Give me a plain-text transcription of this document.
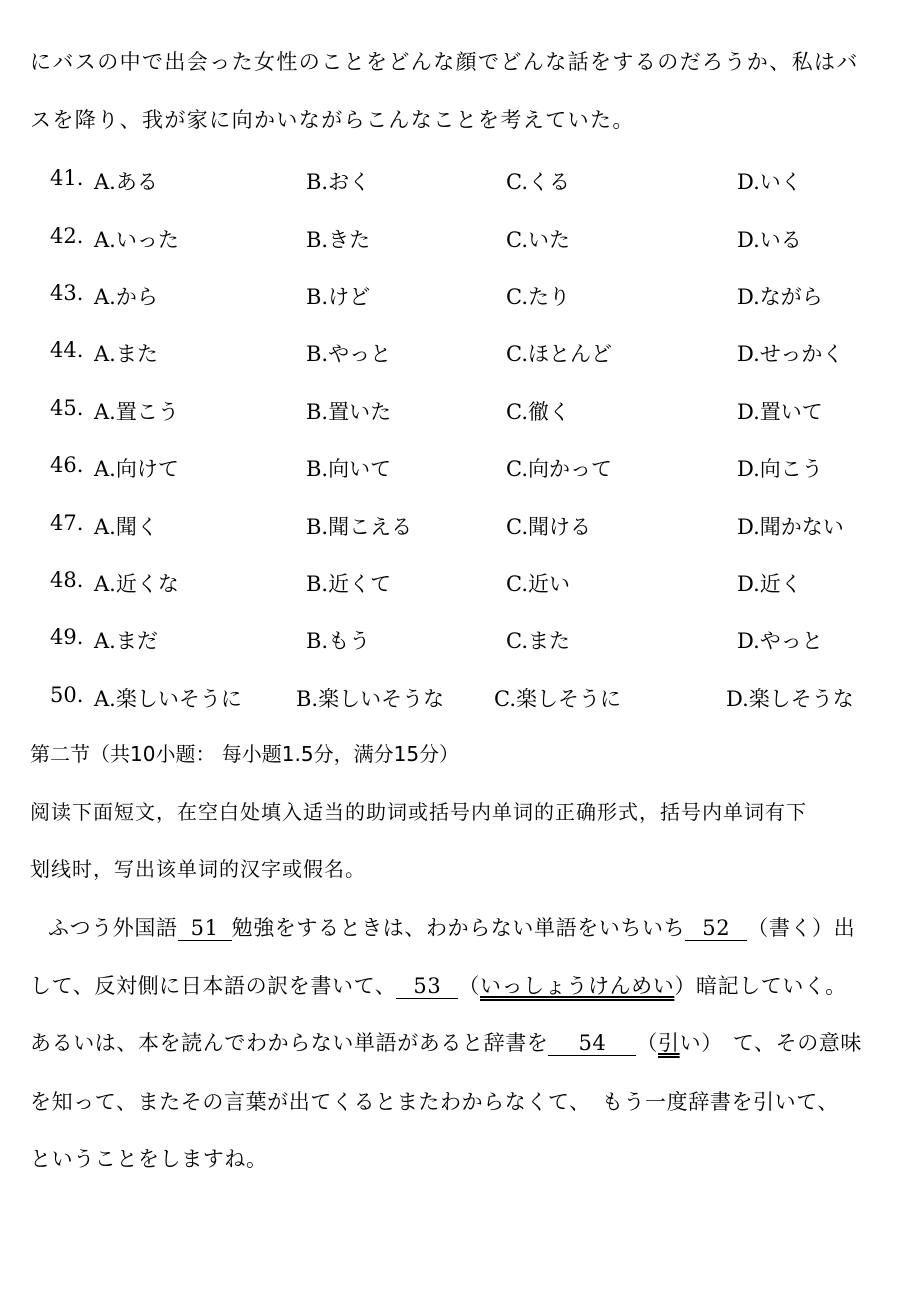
にバスの中で出会った女性のことをどんな顔でどんな話をするのだろうか、私はバ
スを降り、我が家に向かいながらこんなことを考えていた。
41. A.ある	B.おく	C.くる	D.いく
42. A.いった	B.きた	C.いた	D.いる
43. A.から	B.けど	C.たり	D.ながら
44. A.また	B.やっと	C.ほとんど	D.せっかく
45. A.置こう	B.置いた	C.徹く	D.置いて
46. A.向けて	B.向いて	C.向かって	D.向こう
47. A.聞く	B.聞こえる	C.聞ける	D.聞かない
48. A.近くな	B.近くて	C.近い	D.近く
49. A.まだ	B.もう	C.また	D.やっと
50. A.楽しいそうに	B.楽しいそうな C.楽しそうに	D.楽しそうな
第二节（共10小题： 每小题1.5分，满分15分）
阅读下面短文，在空白处填入适当的助词或括号内单词的正确形式，括号内单词有下
划线时，写出该单词的汉字或假名。
ふつう外国語 51 勉強をするときは、わからない単語をいちいち 52 （書く）出
して、反対側に日本語の訳を書いて、 53 （いっしょうけんめい）暗記していく。
あるいは、本を読んでわからない単語があると辞書を 54 （引い） て、その意味
を知って、またその言葉が出てくるとまたわからなくて、　もう一度辞書を引いて、
ということをしますね。
